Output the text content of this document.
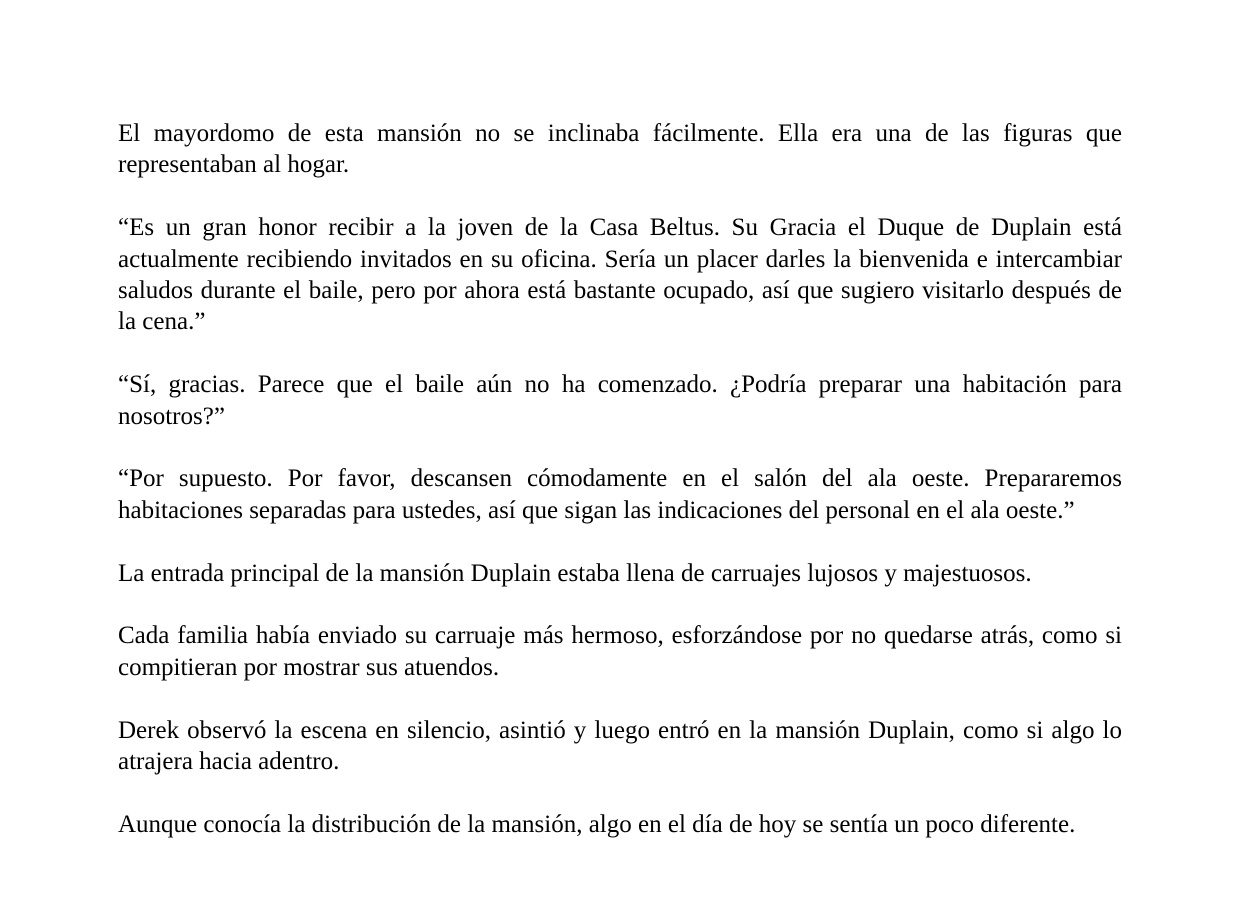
El mayordomo de esta mansión no se inclinaba fácilmente. Ella era una de las figuras que representaban al hogar.

“Es un gran honor recibir a la joven de la Casa Beltus. Su Gracia el Duque de Duplain está actualmente recibiendo invitados en su oficina. Sería un placer darles la bienvenida e intercambiar saludos durante el baile, pero por ahora está bastante ocupado, así que sugiero visitarlo después de la cena.”

“Sí, gracias. Parece que el baile aún no ha comenzado. ¿Podría preparar una habitación para nosotros?”

“Por supuesto. Por favor, descansen cómodamente en el salón del ala oeste. Prepararemos habitaciones separadas para ustedes, así que sigan las indicaciones del personal en el ala oeste.”

La entrada principal de la mansión Duplain estaba llena de carruajes lujosos y majestuosos.

Cada familia había enviado su carruaje más hermoso, esforzándose por no quedarse atrás, como si compitieran por mostrar sus atuendos.

Derek observó la escena en silencio, asintió y luego entró en la mansión Duplain, como si algo lo atrajera hacia adentro.

Aunque conocía la distribución de la mansión, algo en el día de hoy se sentía un poco diferente.
